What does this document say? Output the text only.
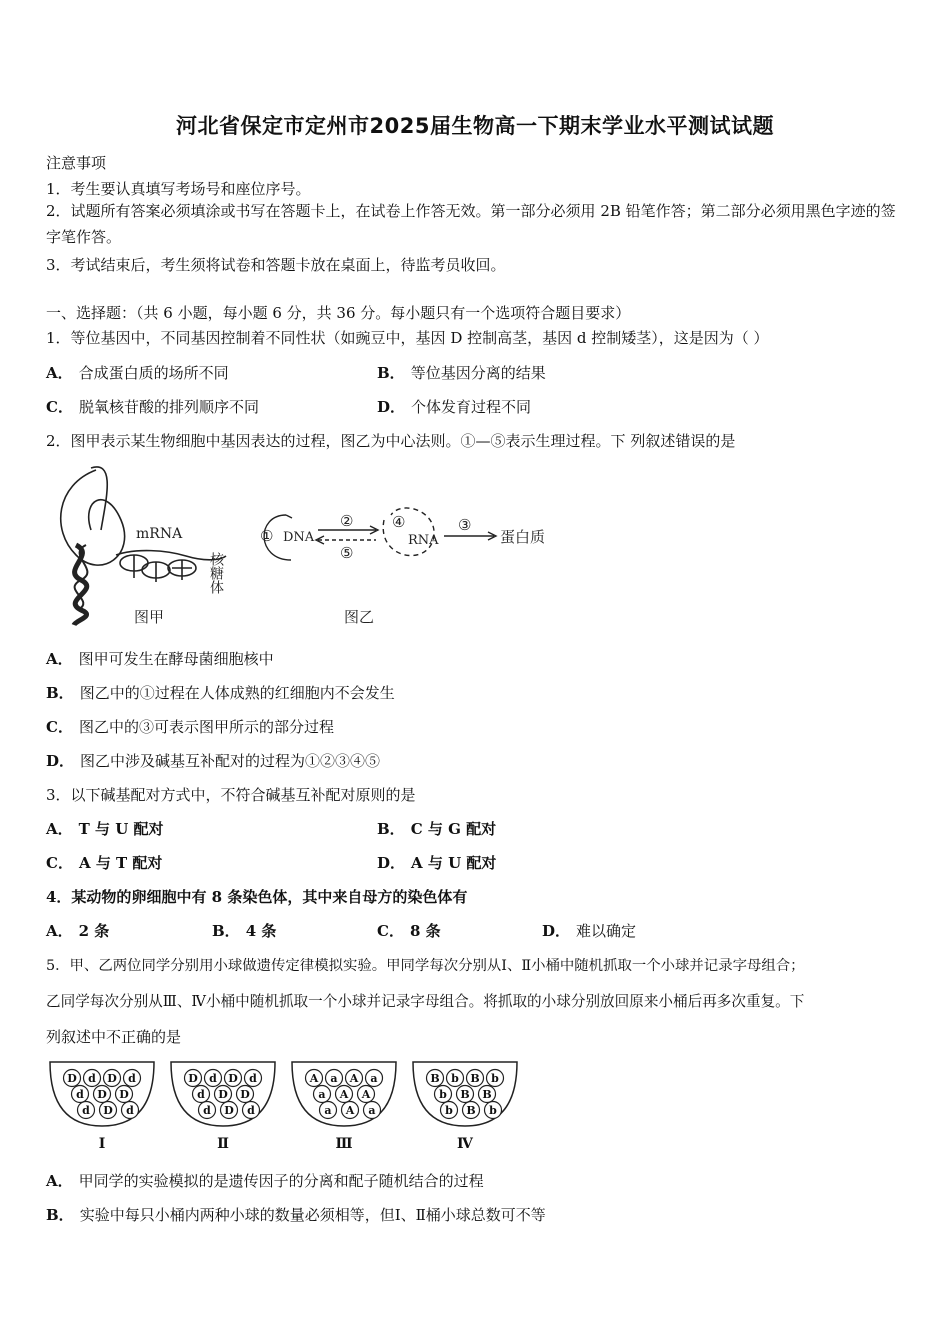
河北省保定市定州市2025届生物高一下期末学业水平测试试题
注意事项
1．考生要认真填写考场号和座位序号。
2．试题所有答案必须填涂或书写在答题卡上，在试卷上作答无效。第一部分必须用 2B 铅笔作答；第二部分必须用黑色字迹的签字笔作答。
3．考试结束后，考生须将试卷和答题卡放在桌面上，待监考员收回。
一、选择题：（共 6 小题，每小题 6 分，共 36 分。每小题只有一个选项符合题目要求）
1．等位基因中，不同基因控制着不同性状（如豌豆中，基因 D 控制高茎，基因 d 控制矮茎），这是因为（ ）
A． 合成蛋白质的场所不同	B． 等位基因分离的结果
C． 脱氧核苷酸的排列顺序不同	D． 个体发育过程不同
2．图甲表示某生物细胞中基因表达的过程，图乙为中心法则。①—⑤表示生理过程。下 列叙述错误的是
mRNA
核糖体
图甲
① DNA
②
⑤
④
RNA
③
蛋白质
图乙
A． 图甲可发生在酵母菌细胞核中
B． 图乙中的①过程在人体成熟的红细胞内不会发生
C． 图乙中的③可表示图甲所示的部分过程
D． 图乙中涉及碱基互补配对的过程为①②③④⑤
3．以下碱基配对方式中，不符合碱基互补配对原则的是
A． T 与 U 配对	B． C 与 G 配对
C． A 与 T 配对	D． A 与 U 配对
4．某动物的卵细胞中有 8 条染色体，其中来自母方的染色体有
A． 2 条	B． 4 条	C． 8 条	D． 难以确定
5．甲、乙两位同学分别用小球做遗传定律模拟实验。甲同学每次分别从Ⅰ、Ⅱ小桶中随机抓取一个小球并记录字母组合；
乙同学每次分别从Ⅲ、Ⅳ小桶中随机抓取一个小球并记录字母组合。将抓取的小球分别放回原来小桶后再多次重复。下
列叙述中不正确的是
D d D d
d D D
d D d
Ⅰ
D d D d
d D D
d D d
Ⅱ
A a A a
a A A
a A a
Ⅲ
B b B b
b B B
b B b
Ⅳ
A． 甲同学的实验模拟的是遗传因子的分离和配子随机结合的过程
B． 实验中每只小桶内两种小球的数量必须相等，但Ⅰ、Ⅱ桶小球总数可不等
